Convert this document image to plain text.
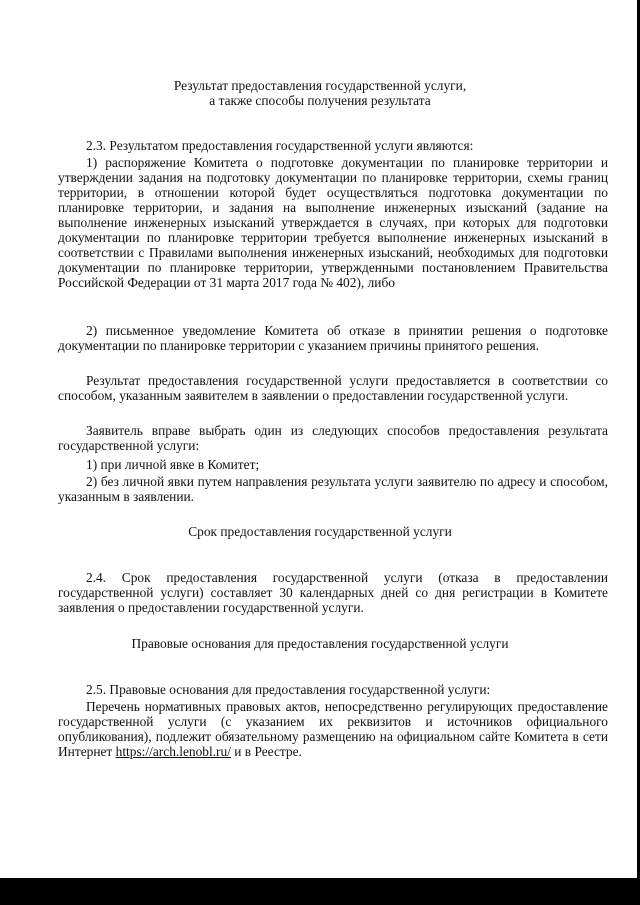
Результат предоставления государственной услуги,
а также способы получения результата
2.3. Результатом предоставления государственной услуги являются:
1) распоряжение Комитета о подготовке документации по планировке территории и утверждении задания на подготовку документации по планировке территории, схемы границ территории, в отношении которой будет осуществляться подготовка документации по планировке территории, и задания на выполнение инженерных изысканий (задание на выполнение инженерных изысканий утверждается в случаях, при которых для подготовки документации по планировке территории требуется выполнение инженерных изысканий в соответствии с Правилами выполнения инженерных изысканий, необходимых для подготовки документации по планировке территории, утвержденными постановлением Правительства Российской Федерации от 31 марта 2017 года № 402), либо
2) письменное уведомление Комитета об отказе в принятии решения о подготовке документации по планировке территории с указанием причины принятого решения.
Результат предоставления государственной услуги предоставляется в соответствии со способом, указанным заявителем в заявлении о предоставлении государственной услуги.
Заявитель вправе выбрать один из следующих способов предоставления результата государственной услуги:
1) при личной явке в Комитет;
2) без личной явки путем направления результата услуги заявителю по адресу и способом, указанным в заявлении.
Срок предоставления государственной услуги
2.4. Срок предоставления государственной услуги (отказа в предоставлении государственной услуги) составляет 30 календарных дней со дня регистрации в Комитете заявления о предоставлении государственной услуги.
Правовые основания для предоставления государственной услуги
2.5. Правовые основания для предоставления государственной услуги:
Перечень нормативных правовых актов, непосредственно регулирующих предоставление государственной услуги (с указанием их реквизитов и источников официального опубликования), подлежит обязательному размещению на официальном сайте Комитета в сети Интернет https://arch.lenobl.ru/ и в Реестре.
